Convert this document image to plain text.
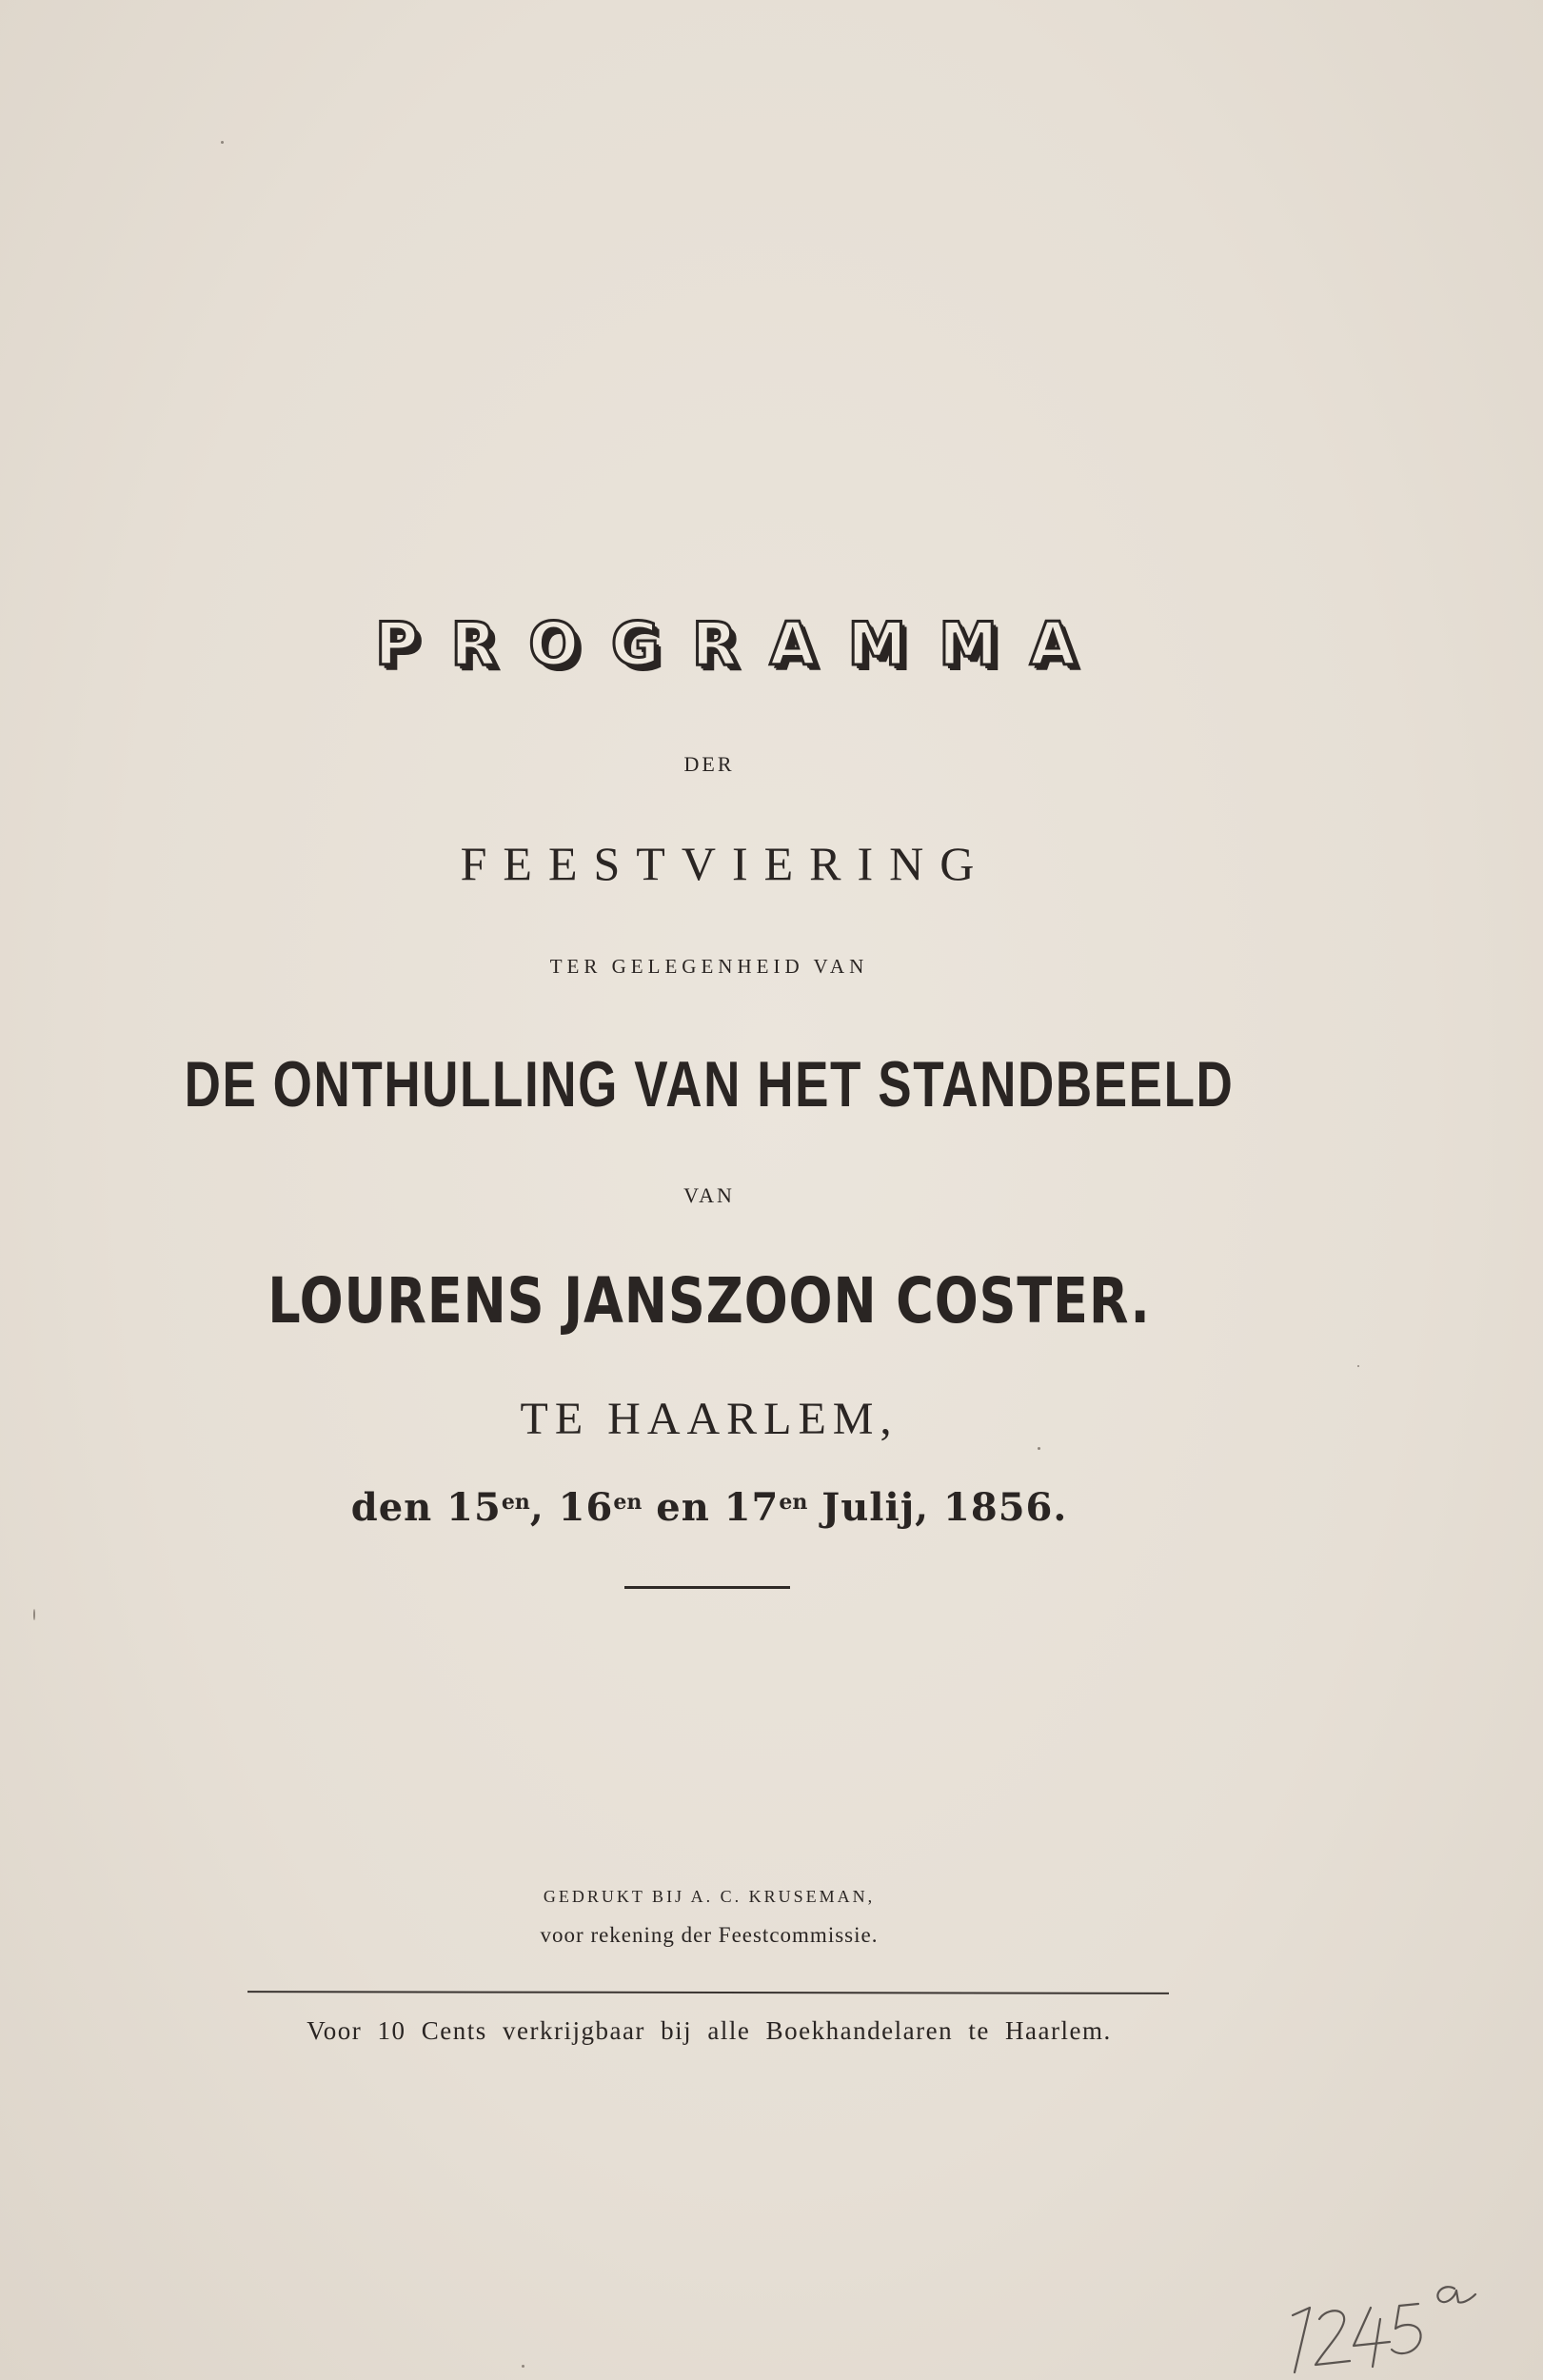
PROGRAMMA
DER
FEESTVIERING
TER GELEGENHEID VAN
DE ONTHULLING VAN HET STANDBEELD
VAN
LOURENS JANSZOON COSTER.
TE HAARLEM,
den $15^{en}$, $16^{en}$ en $17^{en}$ Julij, 1856.
GEDRUKT BIJ A. C. KRUSEMAN,
voor rekening der Feestcommissie.
Voor 10 Cents verkrijgbaar bij alle Boekhandelaren te Haarlem.
